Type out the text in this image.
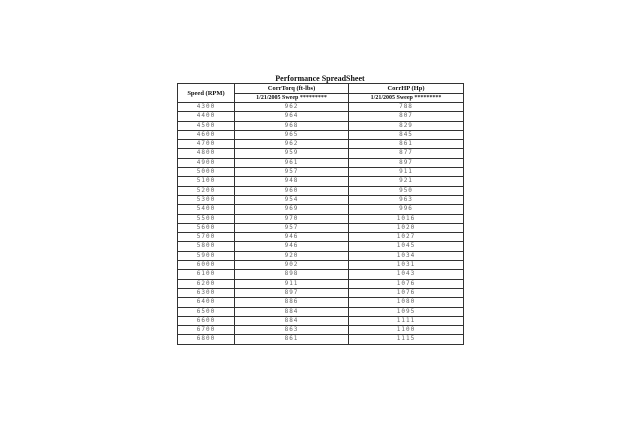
Performance SpreadSheet
Speed (RPM)	CorrTorq (ft-lbs)	CorrHP (Hp)
	1/21/2005 Sweep *********	1/21/2005 Sweep *********
4300	962	788
4400	964	807
4500	968	829
4600	965	845
4700	962	861
4800	959	877
4900	961	897
5000	957	911
5100	948	921
5200	960	950
5300	954	963
5400	969	996
5500	970	1016
5600	957	1020
5700	946	1027
5800	946	1045
5900	920	1034
6000	902	1031
6100	898	1043
6200	911	1076
6300	897	1076
6400	886	1080
6500	884	1095
6600	884	1111
6700	863	1100
6800	861	1115
